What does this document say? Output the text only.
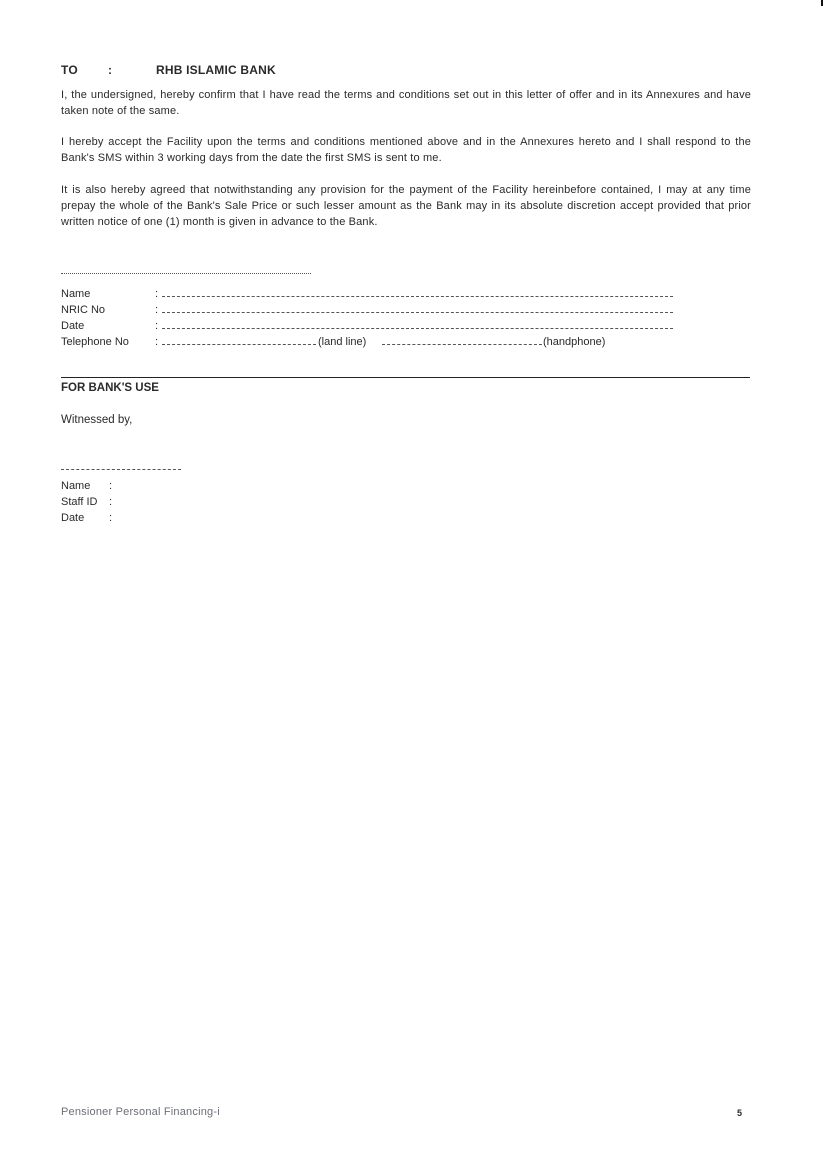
TO	:	RHB ISLAMIC BANK

I, the undersigned, hereby confirm that I have read the terms and conditions set out in this letter of offer and in its Annexures and have taken note of the same.

I hereby accept the Facility upon the terms and conditions mentioned above and in the Annexures hereto and I shall respond to the Bank's SMS within 3 working days from the date the first SMS is sent to me.

It is also hereby agreed that notwithstanding any provision for the payment of the Facility hereinbefore contained, I may at any time prepay the whole of the Bank's Sale Price or such lesser amount as the Bank may in its absolute discretion accept provided that prior written notice of one (1) month is given in advance to the Bank.

Name	:
NRIC No	:
Date	:
Telephone No :	(land line)	(handphone)
FOR BANK'S USE
Witnessed by,
Name :
Staff ID :
Date :
Pensioner Personal Financing-i	5
